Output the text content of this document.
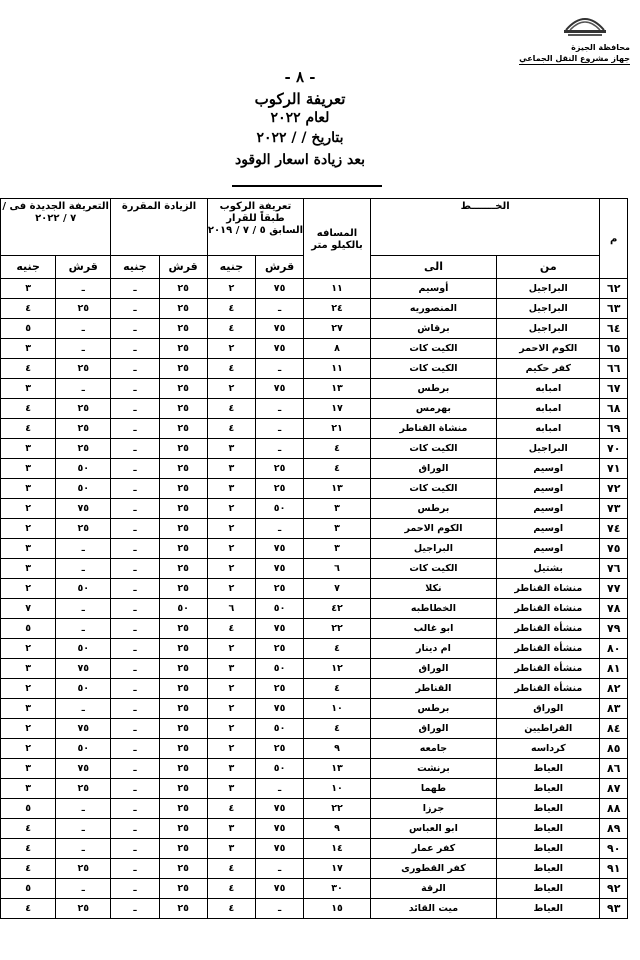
محافظة الجيزة
جهاز مشروع النقل الجماعي
- ٨ -
تعريفة الركوب
لعام ٢٠٢٢
بتاريخ / / ٢٠٢٢
بعد زيادة اسعار الوقود
م	الخـــــــط		المسافه بالكيلو متر	تعريفة الركوب طبقاً للقرار السابق ٥ / ٧ / ٢٠١٩		الزيادة المقررة		التعريفة الجديدة فى / ٧ / ٢٠٢٢	
	من	الى		قرش	جنيه	قرش	جنيه	قرش	جنيه
٦٢	البراجيل	أوسيم	١١	٧٥	٢	٢٥	ـ	ـ	٣
٦٣	البراجيل	المنصوريه	٢٤	ـ	٤	٢٥	ـ	٢٥	٤
٦٤	البراجيل	برقاش	٢٧	٧٥	٤	٢٥	ـ	ـ	٥
٦٥	الكوم الاحمر	الكيت كات	٨	٧٥	٢	٢٥	ـ	ـ	٣
٦٦	كفر حكيم	الكيت كات	١١	ـ	٤	٢٥	ـ	٢٥	٤
٦٧	امبابه	برطس	١٣	٧٥	٢	٢٥	ـ	ـ	٣
٦٨	امبابه	بهرمس	١٧	ـ	٤	٢٥	ـ	٢٥	٤
٦٩	امبابه	منشاة القناطر	٢١	ـ	٤	٢٥	ـ	٢٥	٤
٧٠	البراجيل	الكيت كات	٤	ـ	٣	٢٥	ـ	٢٥	٣
٧١	اوسيم	الوراق	٤	٢٥	٣	٢٥	ـ	٥٠	٣
٧٢	اوسيم	الكيت كات	١٣	٢٥	٣	٢٥	ـ	٥٠	٣
٧٣	اوسيم	برطس	٣	٥٠	٢	٢٥	ـ	٧٥	٢
٧٤	اوسيم	الكوم الاحمر	٣	ـ	٢	٢٥	ـ	٢٥	٢
٧٥	اوسيم	البراجيل	٣	٧٥	٢	٢٥	ـ	ـ	٣
٧٦	بشتيل	الكيت كات	٦	٧٥	٢	٢٥	ـ	ـ	٣
٧٧	منشاة القناطر	نكلا	٧	٢٥	٢	٢٥	ـ	٥٠	٢
٧٨	منشاة القناطر	الخطاطبه	٤٢	٥٠	٦	٥٠	ـ	ـ	٧
٧٩	منشأة القناطر	ابو غالب	٢٢	٧٥	٤	٢٥	ـ	ـ	٥
٨٠	منشأة القناطر	ام دينار	٤	٢٥	٢	٢٥	ـ	٥٠	٢
٨١	منشأة القناطر	الوراق	١٢	٥٠	٣	٢٥	ـ	٧٥	٣
٨٢	منشأة القناطر	القناطر	٤	٢٥	٢	٢٥	ـ	٥٠	٢
٨٣	الوراق	برطس	١٠	٧٥	٢	٢٥	ـ	ـ	٣
٨٤	القراطيين	الوراق	٤	٥٠	٢	٢٥	ـ	٧٥	٢
٨٥	كرداسه	جامعه	٩	٢٥	٢	٢٥	ـ	٥٠	٢
٨٦	العياط	برنشت	١٣	٥٠	٣	٢٥	ـ	٧٥	٣
٨٧	العياط	طهما	١٠	ـ	٣	٢٥	ـ	٢٥	٣
٨٨	العياط	جرزا	٢٢	٧٥	٤	٢٥	ـ	ـ	٥
٨٩	العياط	ابو العباس	٩	٧٥	٣	٢٥	ـ	ـ	٤
٩٠	العياط	كفر عمار	١٤	٧٥	٣	٢٥	ـ	ـ	٤
٩١	العياط	كفر القطورى	١٧	ـ	٤	٢٥	ـ	٢٥	٤
٩٢	العياط	الرقة	٣٠	٧٥	٤	٢٥	ـ	ـ	٥
٩٣	العياط	ميت القائد	١٥	ـ	٤	٢٥	ـ	٢٥	٤
